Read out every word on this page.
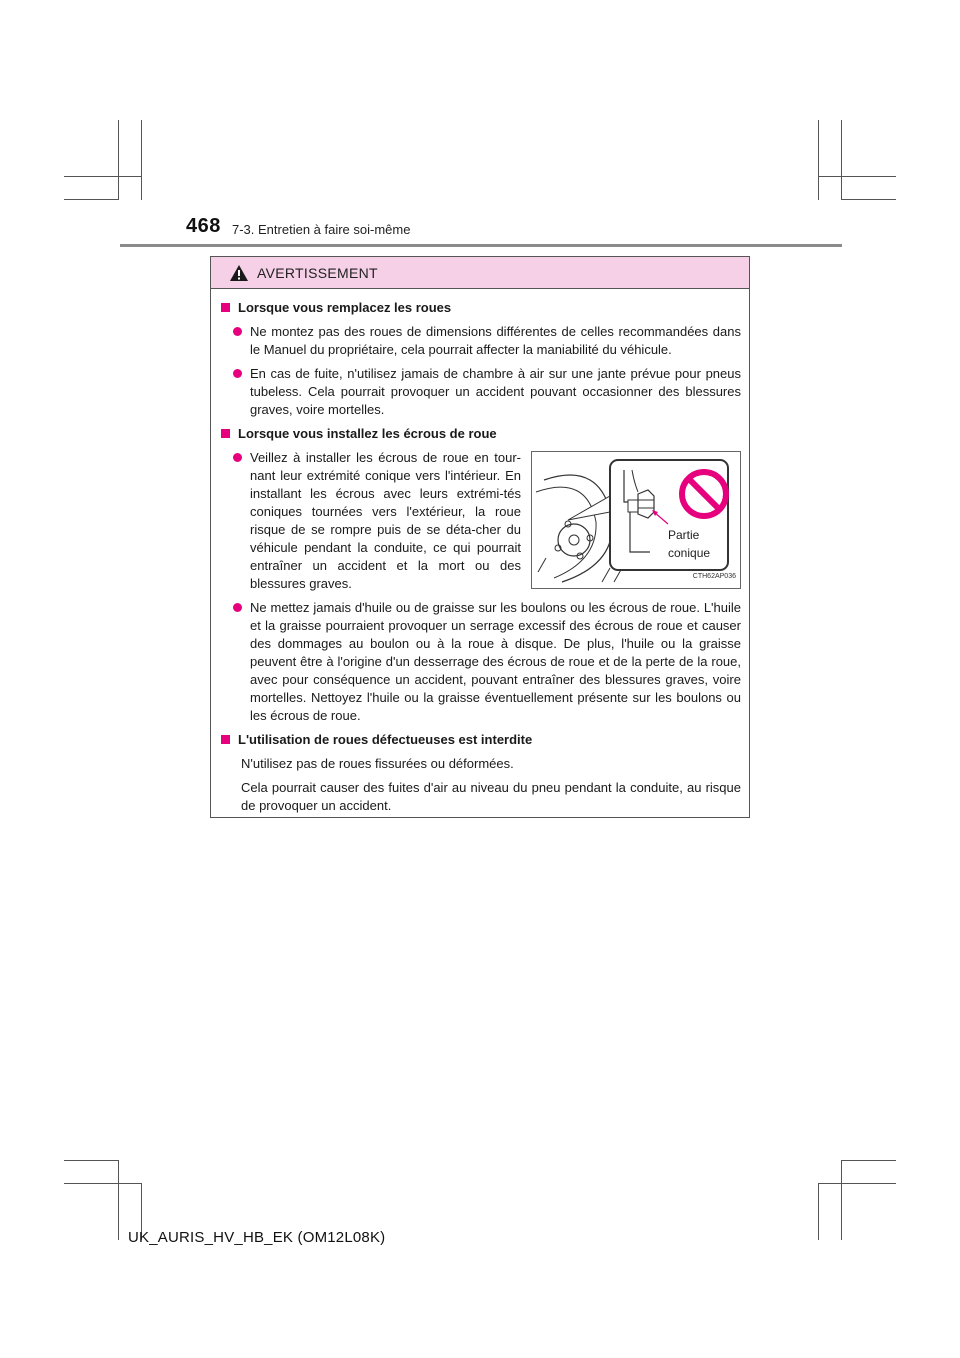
468 7-3. Entretien à faire soi-même
AVERTISSEMENT
Lorsque vous remplacez les roues
Ne montez pas des roues de dimensions différentes de celles recommandées dans le Manuel du propriétaire, cela pourrait affecter la maniabilité du véhicule.
En cas de fuite, n'utilisez jamais de chambre à air sur une jante prévue pour pneus tubeless. Cela pourrait provoquer un accident pouvant occasionner des blessures graves, voire mortelles.
Lorsque vous installez les écrous de roue
Veillez à installer les écrous de roue en tour-nant leur extrémité conique vers l'intérieur. En installant les écrous avec leurs extrémi-tés coniques tournées vers l'extérieur, la roue risque de se rompre puis de se déta-cher du véhicule pendant la conduite, ce qui pourrait entraîner un accident et la mort ou des blessures graves.
Partie
conique
CTH62AP036
Ne mettez jamais d'huile ou de graisse sur les boulons ou les écrous de roue. L'huile et la graisse pourraient provoquer un serrage excessif des écrous de roue et causer des dommages au boulon ou à la roue à disque. De plus, l'huile ou la graisse peuvent être à l'origine d'un desserrage des écrous de roue et de la perte de la roue, avec pour conséquence un accident, pouvant entraîner des blessures graves, voire mortelles. Nettoyez l'huile ou la graisse éventuellement présente sur les boulons ou les écrous de roue.
L'utilisation de roues défectueuses est interdite
N'utilisez pas de roues fissurées ou déformées.
Cela pourrait causer des fuites d'air au niveau du pneu pendant la conduite, au risque de provoquer un accident.
UK_AURIS_HV_HB_EK (OM12L08K)
